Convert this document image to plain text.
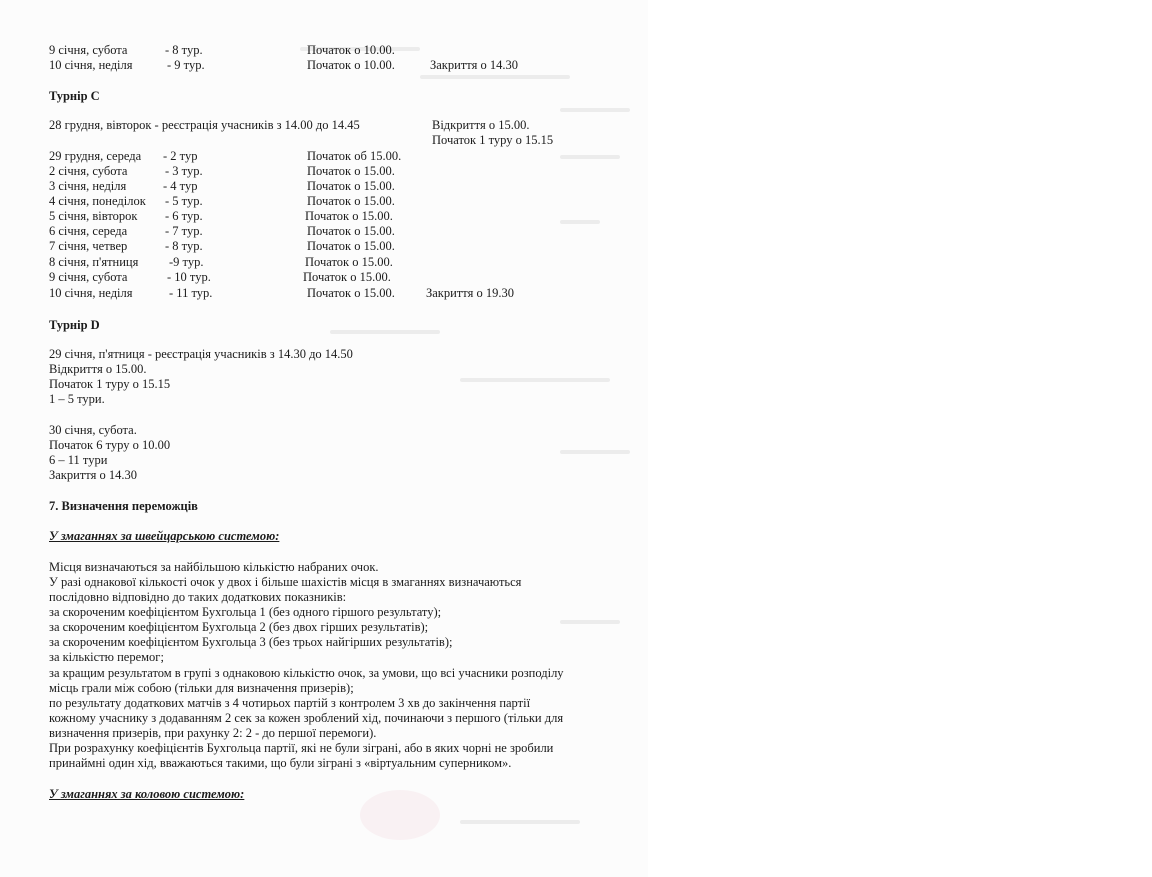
9 січня, субота	- 8 тур.	Початок о 10.00.
10 січня, неділя	- 9 тур.	Початок о 10.00.	Закриття о 14.30
Турнір С
28 грудня, вівторок - реєстрація учасників з 14.00 до 14.45	Відкриття о 15.00.
Початок 1 туру о 15.15
29 грудня, середа - 2 тур	Початок об 15.00.
2 січня, субота	- 3 тур.	Початок о 15.00.
3 січня, неділя	- 4 тур	Початок о 15.00.
4 січня, понеділок - 5 тур.	Початок о 15.00.
5 січня, вівторок - 6 тур.	Початок о 15.00.
6 січня, середа	- 7 тур.	Початок о 15.00.
7 січня, четвер	- 8 тур.	Початок о 15.00.
8 січня, п'ятниця -9 тур.	Початок о 15.00.
9 січня, субота	- 10 тур.	Початок о 15.00.
10 січня, неділя	- 11 тур.	Початок о 15.00. Закриття о 19.30
Турнір D
29 січня, п'ятниця - реєстрація учасників з 14.30 до 14.50
Відкриття о 15.00.
Початок 1 туру о 15.15
1 – 5 тури.
30 січня, субота.
Початок 6 туру о 10.00
6 – 11 тури
Закриття о 14.30
7. Визначення переможців
У змаганнях за швейцарською системою:
Місця визначаються за найбільшою кількістю набраних очок.
У разі однакової кількості очок у двох і більше шахістів місця в змаганнях визначаються
послідовно відповідно до таких додаткових показників:
за скороченим коефіцієнтом Бухгольца 1 (без одного гіршого результату);
за скороченим коефіцієнтом Бухгольца 2 (без двох гірших результатів);
за скороченим коефіцієнтом Бухгольца 3 (без трьох найгірших результатів);
за кількістю перемог;
за кращим результатом в групі з однаковою кількістю очок, за умови, що всі учасники розподілу
місць грали між собою (тільки для визначення призерів);
по результату додаткових матчів з 4 чотирьох партій з контролем 3 хв до закінчення партії
кожному учаснику з додаванням 2 сек за кожен зроблений хід, починаючи з першого (тільки для
визначення призерів, при рахунку 2: 2 - до першої перемоги).
При розрахунку коефіцієнтів Бухгольца партії, які не були зіграні, або в яких чорні не зробили
принаймні один хід, вважаються такими, що були зіграні з «віртуальним суперником».
У змаганнях за коловою системою:
